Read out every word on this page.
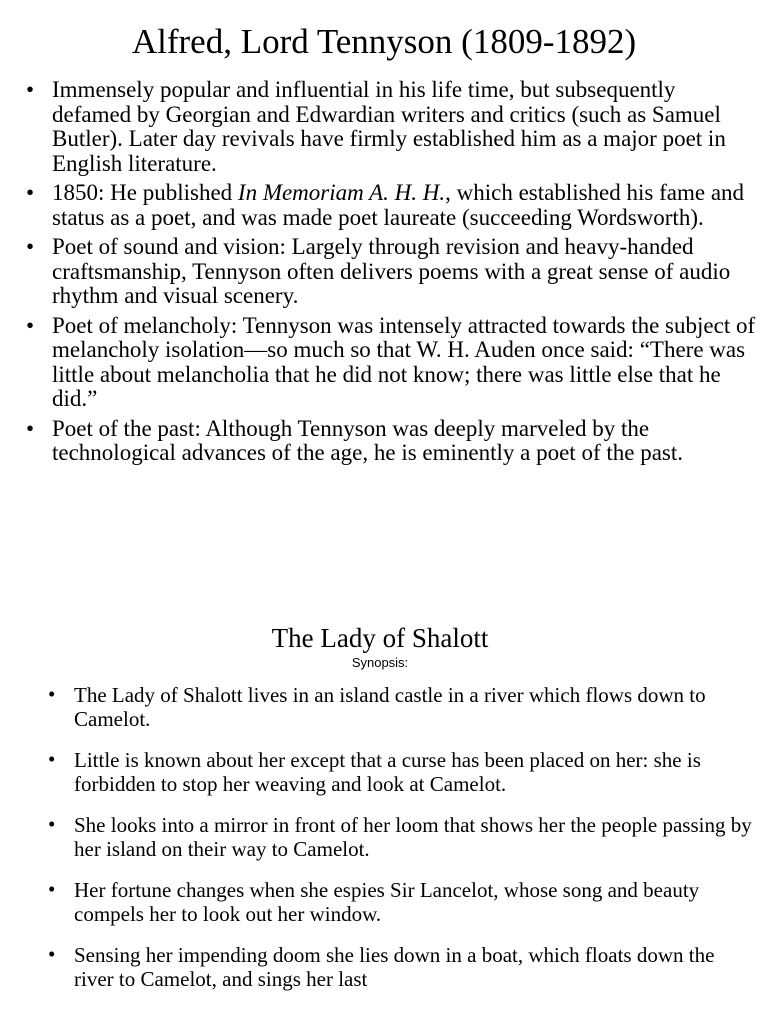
Alfred, Lord Tennyson (1809-1892)
• Immensely popular and influential in his life time, but subsequently defamed by Georgian and Edwardian writers and critics (such as Samuel Butler). Later day revivals have firmly established him as a major poet in English literature.
• 1850: He published In Memoriam A. H. H., which established his fame and status as a poet, and was made poet laureate (succeeding Wordsworth).
• Poet of sound and vision: Largely through revision and heavy-handed craftsmanship, Tennyson often delivers poems with a great sense of audio rhythm and visual scenery.
• Poet of melancholy: Tennyson was intensely attracted towards the subject of melancholy isolation—so much so that W. H. Auden once said: “There was little about melancholia that he did not know; there was little else that he did.”
• Poet of the past: Although Tennyson was deeply marveled by the technological advances of the age, he is eminently a poet of the past.
The Lady of Shalott
Synopsis:
• The Lady of Shalott lives in an island castle in a river which flows down to Camelot.
• Little is known about her except that a curse has been placed on her: she is forbidden to stop her weaving and look at Camelot.
• She looks into a mirror in front of her loom that shows her the people passing by her island on their way to Camelot.
• Her fortune changes when she espies Sir Lancelot, whose song and beauty compels her to look out her window.
• Sensing her impending doom she lies down in a boat, which floats down the river to Camelot, and sings her last
